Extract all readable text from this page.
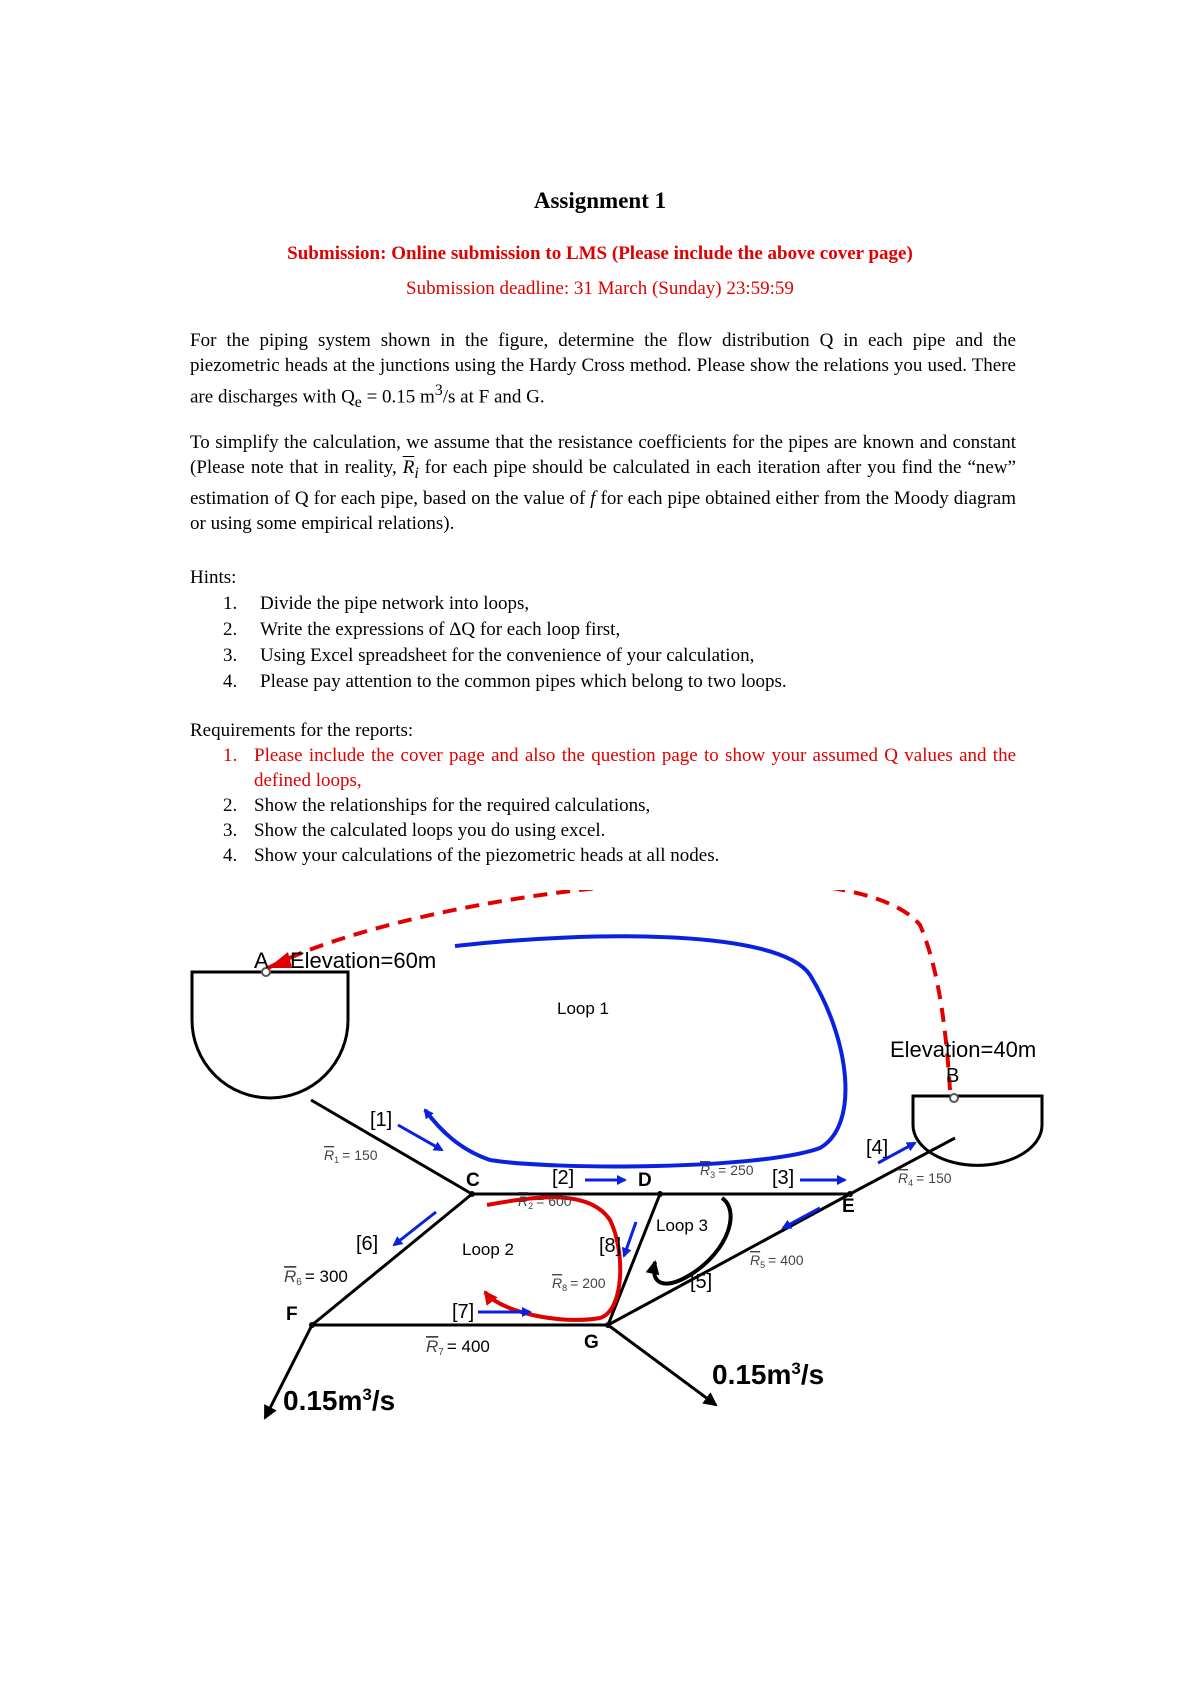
Assignment 1
Submission: Online submission to LMS (Please include the above cover page)
Submission deadline: 31 March (Sunday) 23:59:59
For the piping system shown in the figure, determine the flow distribution Q in each pipe and the piezometric heads at the junctions using the Hardy Cross method. Please show the relations you used. There are discharges with $Q_e = 0.15$ $m^3/s$ at F and G.
To simplify the calculation, we assume that the resistance coefficients for the pipes are known and constant (Please note that in reality, $\overline{R}_i$ for each pipe should be calculated in each iteration after you find the “new” estimation of Q for each pipe, based on the value of f for each pipe obtained either from the Moody diagram or using some empirical relations).
Hints:
1. Divide the pipe network into loops,
2. Write the expressions of ΔQ for each loop first,
3. Using Excel spreadsheet for the convenience of your calculation,
4. Please pay attention to the common pipes which belong to two loops.
Requirements for the reports:
1. Please include the cover page and also the question page to show your assumed Q values and the defined loops,
2. Show the relationships for the required calculations,
3. Show the calculated loops you do using excel.
4. Show your calculations of the piezometric heads at all nodes.
A Elevation=60m
Elevation=40m
B
C	D
E
F
G
Loop 1
Loop 2
Loop 3
[1]
[2]	[3]
[4]
[5]
[6]
[7]
[8]
$R_1 = 150$
$R_2 = 600$
$R_3 = 250$	$R_4 = 150$
$R_5 = 400$
$R_8 = 200$
R6 = 300
R7 = 400
$0.15m^3/s$
$0.15m^3/s$
